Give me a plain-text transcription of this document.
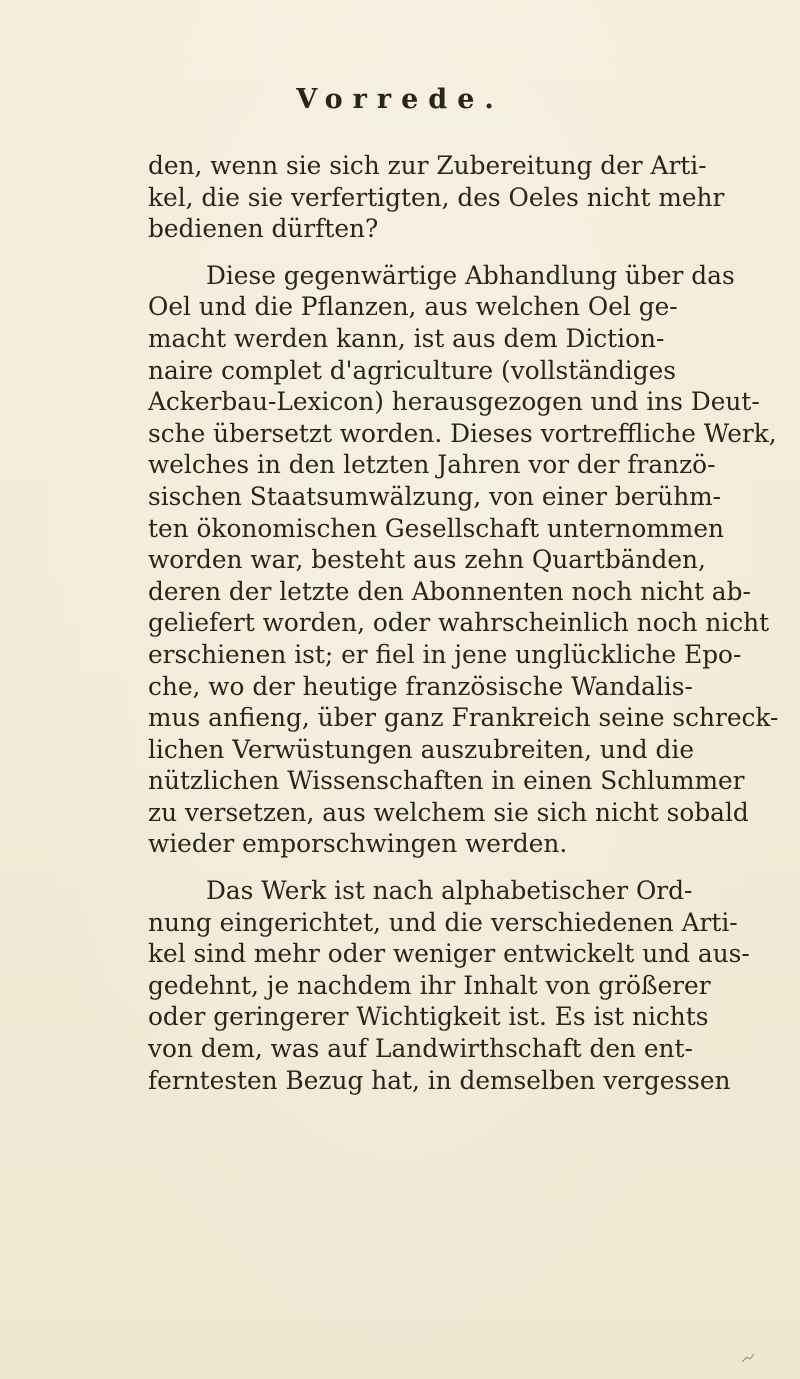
Vorrede.
den, wenn sie sich zur Zubereitung der Arti-
kel, die sie verfertigten, des Oeles nicht mehr
bedienen dürften?
Diese gegenwärtige Abhandlung über das
Oel und die Pflanzen, aus welchen Oel ge-
macht werden kann, ist aus dem Diction-
naire complet d'agriculture (vollständiges
Ackerbau-Lexicon) herausgezogen und ins Deut-
sche übersetzt worden. Dieses vortreffliche Werk,
welches in den letzten Jahren vor der franzö-
sischen Staatsumwälzung, von einer berühm-
ten ökonomischen Gesellschaft unternommen
worden war, besteht aus zehn Quartbänden,
deren der letzte den Abonnenten noch nicht ab-
geliefert worden, oder wahrscheinlich noch nicht
erschienen ist; er fiel in jene unglückliche Epo-
che, wo der heutige französische Wandalis-
mus anfieng, über ganz Frankreich seine schreck-
lichen Verwüstungen auszubreiten, und die
nützlichen Wissenschaften in einen Schlummer
zu versetzen, aus welchem sie sich nicht sobald
wieder emporschwingen werden.
Das Werk ist nach alphabetischer Ord-
nung eingerichtet, und die verschiedenen Arti-
kel sind mehr oder weniger entwickelt und aus-
gedehnt, je nachdem ihr Inhalt von größerer
oder geringerer Wichtigkeit ist. Es ist nichts
von dem, was auf Landwirthschaft den ent-
ferntesten Bezug hat, in demselben vergessen
